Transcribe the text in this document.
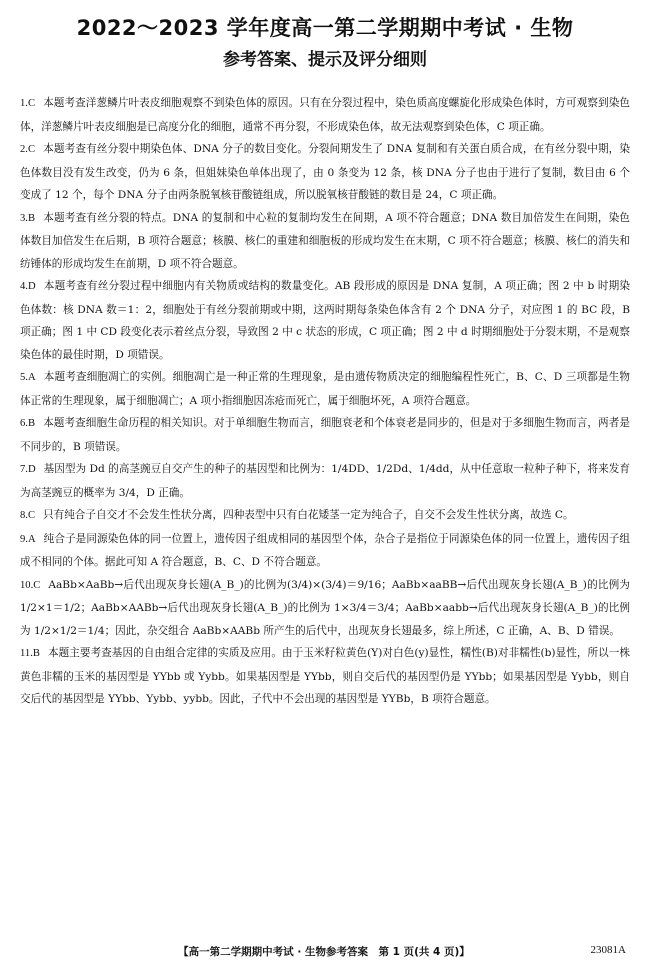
2022～2023 学年度高一第二学期期中考试 · 生物
参考答案、提示及评分细则

1.C 本题考查洋葱鳞片叶表皮细胞观察不到染色体的原因。只有在分裂过程中，染色质高度螺旋化形成染色体时，方可观察到染色体，洋葱鳞片叶表皮细胞是已高度分化的细胞，通常不再分裂，不形成染色体，故无法观察到染色体，C 项正确。

2.C 本题考查有丝分裂中期染色体、DNA 分子的数目变化。分裂间期发生了 DNA 复制和有关蛋白质合成，在有丝分裂中期，染色体数目没有发生改变，仍为 6 条，但姐妹染色单体出现了，由 0 条变为 12 条，核 DNA 分子也由于进行了复制，数目由 6 个变成了 12 个，每个 DNA 分子由两条脱氧核苷酸链组成，所以脱氧核苷酸链的数目是 24，C 项正确。

3.B 本题考查有丝分裂的特点。DNA 的复制和中心粒的复制均发生在间期，A 项不符合题意；DNA 数目加倍发生在间期，染色体数目加倍发生在后期，B 项符合题意；核膜、核仁的重建和细胞板的形成均发生在末期，C 项不符合题意；核膜、核仁的消失和纺锤体的形成均发生在前期，D 项不符合题意。

4.D 本题考查有丝分裂过程中细胞内有关物质或结构的数量变化。AB 段形成的原因是 DNA 复制，A 项正确；图 2 中 b 时期染色体数：核 DNA 数＝1：2，细胞处于有丝分裂前期或中期，这两时期每条染色体含有 2 个 DNA 分子，对应图 1 的 BC 段，B 项正确；图 1 中 CD 段变化表示着丝点分裂，导致图 2 中 c 状态的形成，C 项正确；图 2 中 d 时期细胞处于分裂末期，不是观察染色体的最佳时期，D 项错误。

5.A 本题考查细胞凋亡的实例。细胞凋亡是一种正常的生理现象，是由遗传物质决定的细胞编程性死亡，B、C、D 三项都是生物体正常的生理现象，属于细胞凋亡；A 项小指细胞因冻疮而死亡，属于细胞坏死，A 项符合题意。

6.B 本题考查细胞生命历程的相关知识。对于单细胞生物而言，细胞衰老和个体衰老是同步的，但是对于多细胞生物而言，两者是不同步的，B 项错误。

7.D 基因型为 Dd 的高茎豌豆自交产生的种子的基因型和比例为：1/4DD、1/2Dd、1/4dd，从中任意取一粒种子种下，将来发育为高茎豌豆的概率为 3/4，D 正确。

8.C 只有纯合子自交才不会发生性状分离，四种表型中只有白花矮茎一定为纯合子，自交不会发生性状分离，故选 C。

9.A 纯合子是同源染色体的同一位置上，遗传因子组成相同的基因型个体，杂合子是指位于同源染色体的同一位置上，遗传因子组成不相同的个体。据此可知 A 符合题意，B、C、D 不符合题意。

10.C AaBb×AaBb→后代出现灰身长翅(A_B_)的比例为(3/4)×(3/4)＝9/16；AaBb×aaBB→后代出现灰身长翅(A_B_)的比例为 1/2×1＝1/2；AaBb×AABb→后代出现灰身长翅(A_B_)的比例为 1×3/4＝3/4；AaBb×aabb→后代出现灰身长翅(A_B_)的比例为 1/2×1/2＝1/4；因此，杂交组合 AaBb×AABb 所产生的后代中，出现灰身长翅最多，综上所述，C 正确，A、B、D 错误。

11.B 本题主要考查基因的自由组合定律的实质及应用。由于玉米籽粒黄色(Y)对白色(y)显性，糯性(B)对非糯性(b)显性，所以一株黄色非糯的玉米的基因型是 YYbb 或 Yybb。如果基因型是 YYbb，则自交后代的基因型仍是 YYbb；如果基因型是 Yybb，则自交后代的基因型是 YYbb、Yybb、yybb。因此，子代中不会出现的基因型是 YYBb，B 项符合题意。

【高一第二学期期中考试 · 生物参考答案　第 1 页(共 4 页)】	23081A
